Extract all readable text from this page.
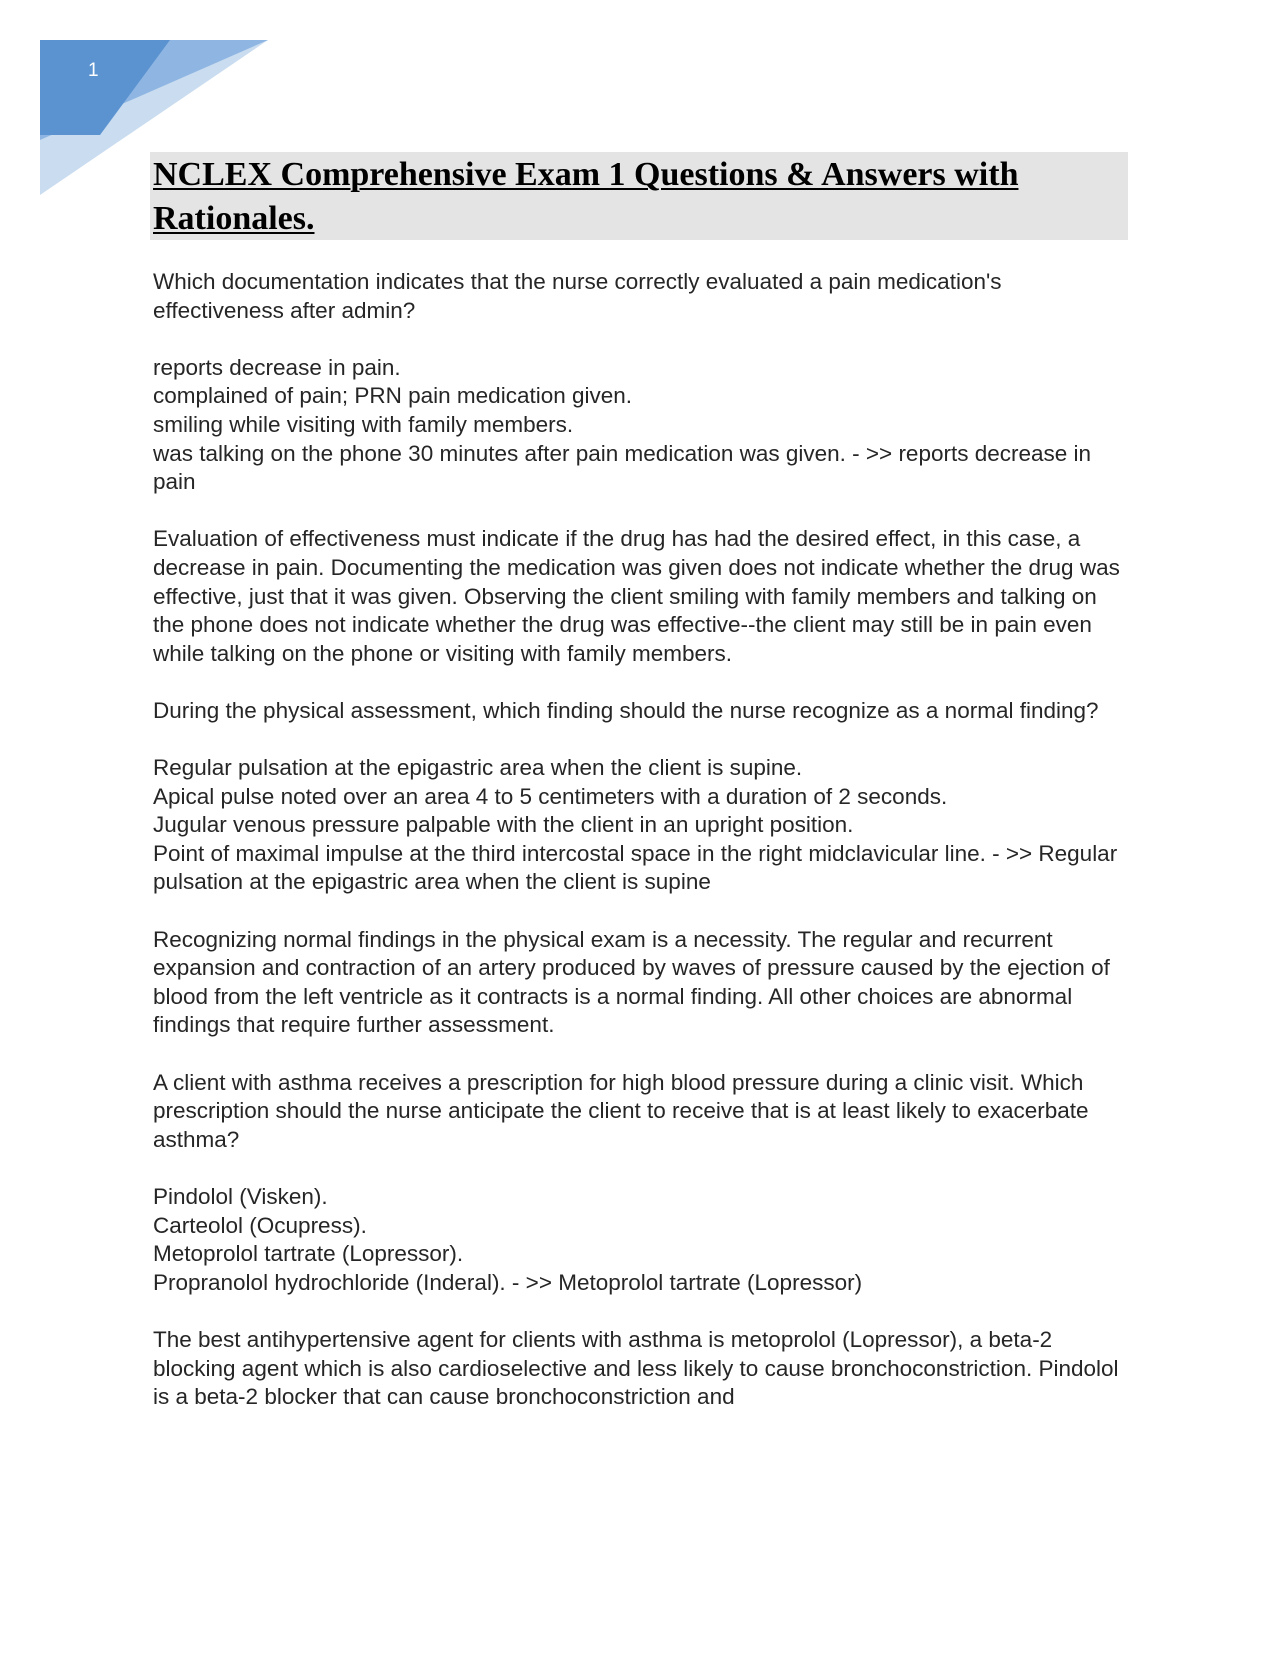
1
NCLEX Comprehensive Exam 1 Questions & Answers with Rationales.

Which documentation indicates that the nurse correctly evaluated a pain medication's effectiveness after admin?

reports decrease in pain.
complained of pain; PRN pain medication given.
smiling while visiting with family members.
was talking on the phone 30 minutes after pain medication was given. - >> reports decrease in pain

Evaluation of effectiveness must indicate if the drug has had the desired effect, in this case, a decrease in pain. Documenting the medication was given does not indicate whether the drug was effective, just that it was given. Observing the client smiling with family members and talking on the phone does not indicate whether the drug was effective--the client may still be in pain even while talking on the phone or visiting with family members.

During the physical assessment, which finding should the nurse recognize as a normal finding?

Regular pulsation at the epigastric area when the client is supine.
Apical pulse noted over an area 4 to 5 centimeters with a duration of 2 seconds.
Jugular venous pressure palpable with the client in an upright position.
Point of maximal impulse at the third intercostal space in the right midclavicular line. - >> Regular pulsation at the epigastric area when the client is supine

Recognizing normal findings in the physical exam is a necessity. The regular and recurrent expansion and contraction of an artery produced by waves of pressure caused by the ejection of blood from the left ventricle as it contracts is a normal finding. All other choices are abnormal findings that require further assessment.

A client with asthma receives a prescription for high blood pressure during a clinic visit. Which prescription should the nurse anticipate the client to receive that is at least likely to exacerbate asthma?

Pindolol (Visken).
Carteolol (Ocupress).
Metoprolol tartrate (Lopressor).
Propranolol hydrochloride (Inderal). - >> Metoprolol tartrate (Lopressor)

The best antihypertensive agent for clients with asthma is metoprolol (Lopressor), a beta-2 blocking agent which is also cardioselective and less likely to cause bronchoconstriction. Pindolol is a beta-2 blocker that can cause bronchoconstriction and
